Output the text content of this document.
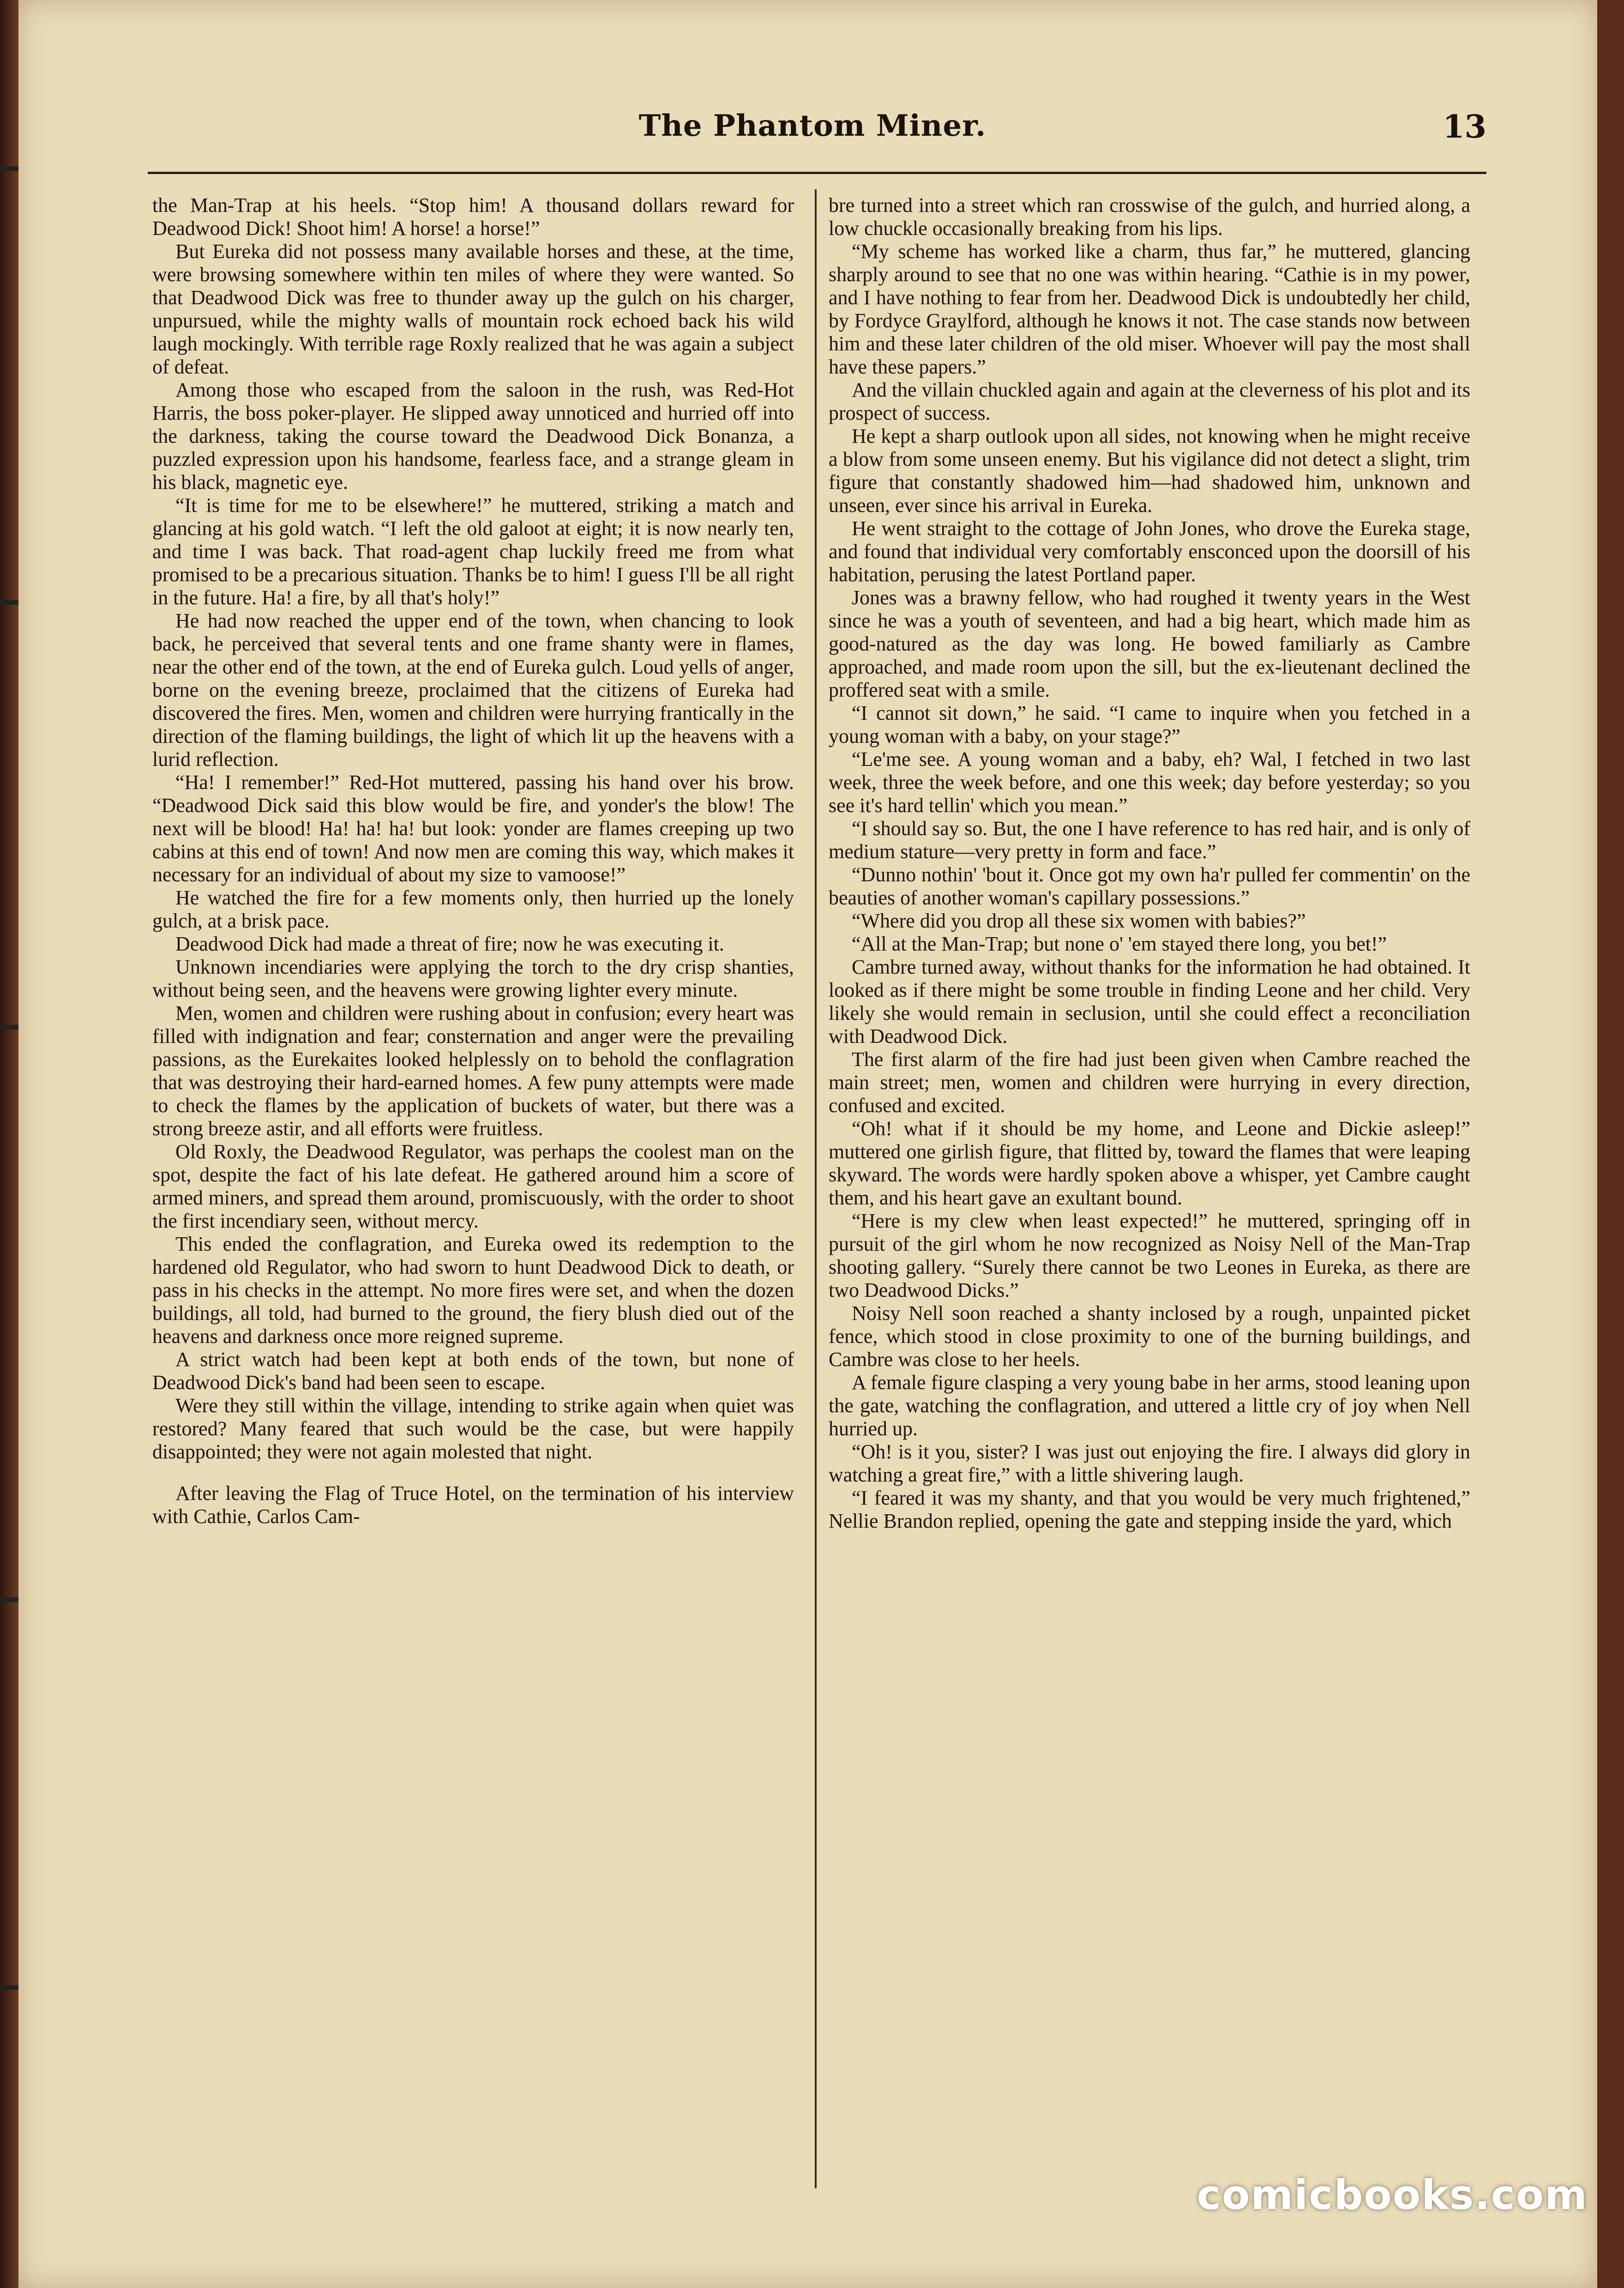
The Phantom Miner.	13

the Man-Trap at his heels. “Stop him! A thousand dollars reward for Deadwood Dick! Shoot him! A horse! a horse!”

But Eureka did not possess many available horses and these, at the time, were browsing somewhere within ten miles of where they were wanted. So that Deadwood Dick was free to thunder away up the gulch on his charger, unpursued, while the mighty walls of mountain rock echoed back his wild laugh mockingly. With terrible rage Roxly realized that he was again a subject of defeat.

Among those who escaped from the saloon in the rush, was Red-Hot Harris, the boss poker-player. He slipped away unnoticed and hurried off into the darkness, taking the course toward the Deadwood Dick Bonanza, a puzzled expression upon his handsome, fearless face, and a strange gleam in his black, magnetic eye.

“It is time for me to be elsewhere!” he muttered, striking a match and glancing at his gold watch. “I left the old galoot at eight; it is now nearly ten, and time I was back. That road-agent chap luckily freed me from what promised to be a precarious situation. Thanks be to him! I guess I'll be all right in the future. Ha! a fire, by all that's holy!”

He had now reached the upper end of the town, when chancing to look back, he perceived that several tents and one frame shanty were in flames, near the other end of the town, at the end of Eureka gulch. Loud yells of anger, borne on the evening breeze, proclaimed that the citizens of Eureka had discovered the fires. Men, women and children were hurrying frantically in the direction of the flaming buildings, the light of which lit up the heavens with a lurid reflection.

“Ha! I remember!” Red-Hot muttered, passing his hand over his brow. “Deadwood Dick said this blow would be fire, and yonder's the blow! The next will be blood! Ha! ha! ha! but look: yonder are flames creeping up two cabins at this end of town! And now men are coming this way, which makes it necessary for an individual of about my size to vamoose!”

He watched the fire for a few moments only, then hurried up the lonely gulch, at a brisk pace.

Deadwood Dick had made a threat of fire; now he was executing it.

Unknown incendiaries were applying the torch to the dry crisp shanties, without being seen, and the heavens were growing lighter every minute.

Men, women and children were rushing about in confusion; every heart was filled with indignation and fear; consternation and anger were the prevailing passions, as the Eurekaites looked helplessly on to behold the conflagration that was destroying their hard-earned homes. A few puny attempts were made to check the flames by the application of buckets of water, but there was a strong breeze astir, and all efforts were fruitless.

Old Roxly, the Deadwood Regulator, was perhaps the coolest man on the spot, despite the fact of his late defeat. He gathered around him a score of armed miners, and spread them around, promiscuously, with the order to shoot the first incendiary seen, without mercy.

This ended the conflagration, and Eureka owed its redemption to the hardened old Regulator, who had sworn to hunt Deadwood Dick to death, or pass in his checks in the attempt. No more fires were set, and when the dozen buildings, all told, had burned to the ground, the fiery blush died out of the heavens and darkness once more reigned supreme.

A strict watch had been kept at both ends of the town, but none of Deadwood Dick's band had been seen to escape.

Were they still within the village, intending to strike again when quiet was restored? Many feared that such would be the case, but were happily disappointed; they were not again molested that night.

After leaving the Flag of Truce Hotel, on the termination of his interview with Cathie, Carlos Cam-

bre turned into a street which ran crosswise of the gulch, and hurried along, a low chuckle occasionally breaking from his lips.

“My scheme has worked like a charm, thus far,” he muttered, glancing sharply around to see that no one was within hearing. “Cathie is in my power, and I have nothing to fear from her. Deadwood Dick is undoubtedly her child, by Fordyce Graylford, although he knows it not. The case stands now between him and these later children of the old miser. Whoever will pay the most shall have these papers.”

And the villain chuckled again and again at the cleverness of his plot and its prospect of success.

He kept a sharp outlook upon all sides, not knowing when he might receive a blow from some unseen enemy. But his vigilance did not detect a slight, trim figure that constantly shadowed him—had shadowed him, unknown and unseen, ever since his arrival in Eureka.

He went straight to the cottage of John Jones, who drove the Eureka stage, and found that individual very comfortably ensconced upon the doorsill of his habitation, perusing the latest Portland paper.

Jones was a brawny fellow, who had roughed it twenty years in the West since he was a youth of seventeen, and had a big heart, which made him as good-natured as the day was long. He bowed familiarly as Cambre approached, and made room upon the sill, but the ex-lieutenant declined the proffered seat with a smile.

“I cannot sit down,” he said. “I came to inquire when you fetched in a young woman with a baby, on your stage?”

“Le'me see. A young woman and a baby, eh? Wal, I fetched in two last week, three the week before, and one this week; day before yesterday; so you see it's hard tellin' which you mean.”

“I should say so. But, the one I have reference to has red hair, and is only of medium stature—very pretty in form and face.”

“Dunno nothin' 'bout it. Once got my own ha'r pulled fer commentin' on the beauties of another woman's capillary possessions.”

“Where did you drop all these six women with babies?”

“All at the Man-Trap; but none o' 'em stayed there long, you bet!”

Cambre turned away, without thanks for the information he had obtained. It looked as if there might be some trouble in finding Leone and her child. Very likely she would remain in seclusion, until she could effect a reconciliation with Deadwood Dick.

The first alarm of the fire had just been given when Cambre reached the main street; men, women and children were hurrying in every direction, confused and excited.

“Oh! what if it should be my home, and Leone and Dickie asleep!” muttered one girlish figure, that flitted by, toward the flames that were leaping skyward. The words were hardly spoken above a whisper, yet Cambre caught them, and his heart gave an exultant bound.

“Here is my clew when least expected!” he muttered, springing off in pursuit of the girl whom he now recognized as Noisy Nell of the Man-Trap shooting gallery. “Surely there cannot be two Leones in Eureka, as there are two Deadwood Dicks.”

Noisy Nell soon reached a shanty inclosed by a rough, unpainted picket fence, which stood in close proximity to one of the burning buildings, and Cambre was close to her heels.

A female figure clasping a very young babe in her arms, stood leaning upon the gate, watching the conflagration, and uttered a little cry of joy when Nell hurried up.

“Oh! is it you, sister? I was just out enjoying the fire. I always did glory in watching a great fire,” with a little shivering laugh.

“I feared it was my shanty, and that you would be very much frightened,” Nellie Brandon replied, opening the gate and stepping inside the yard, which

comicbooks.com
